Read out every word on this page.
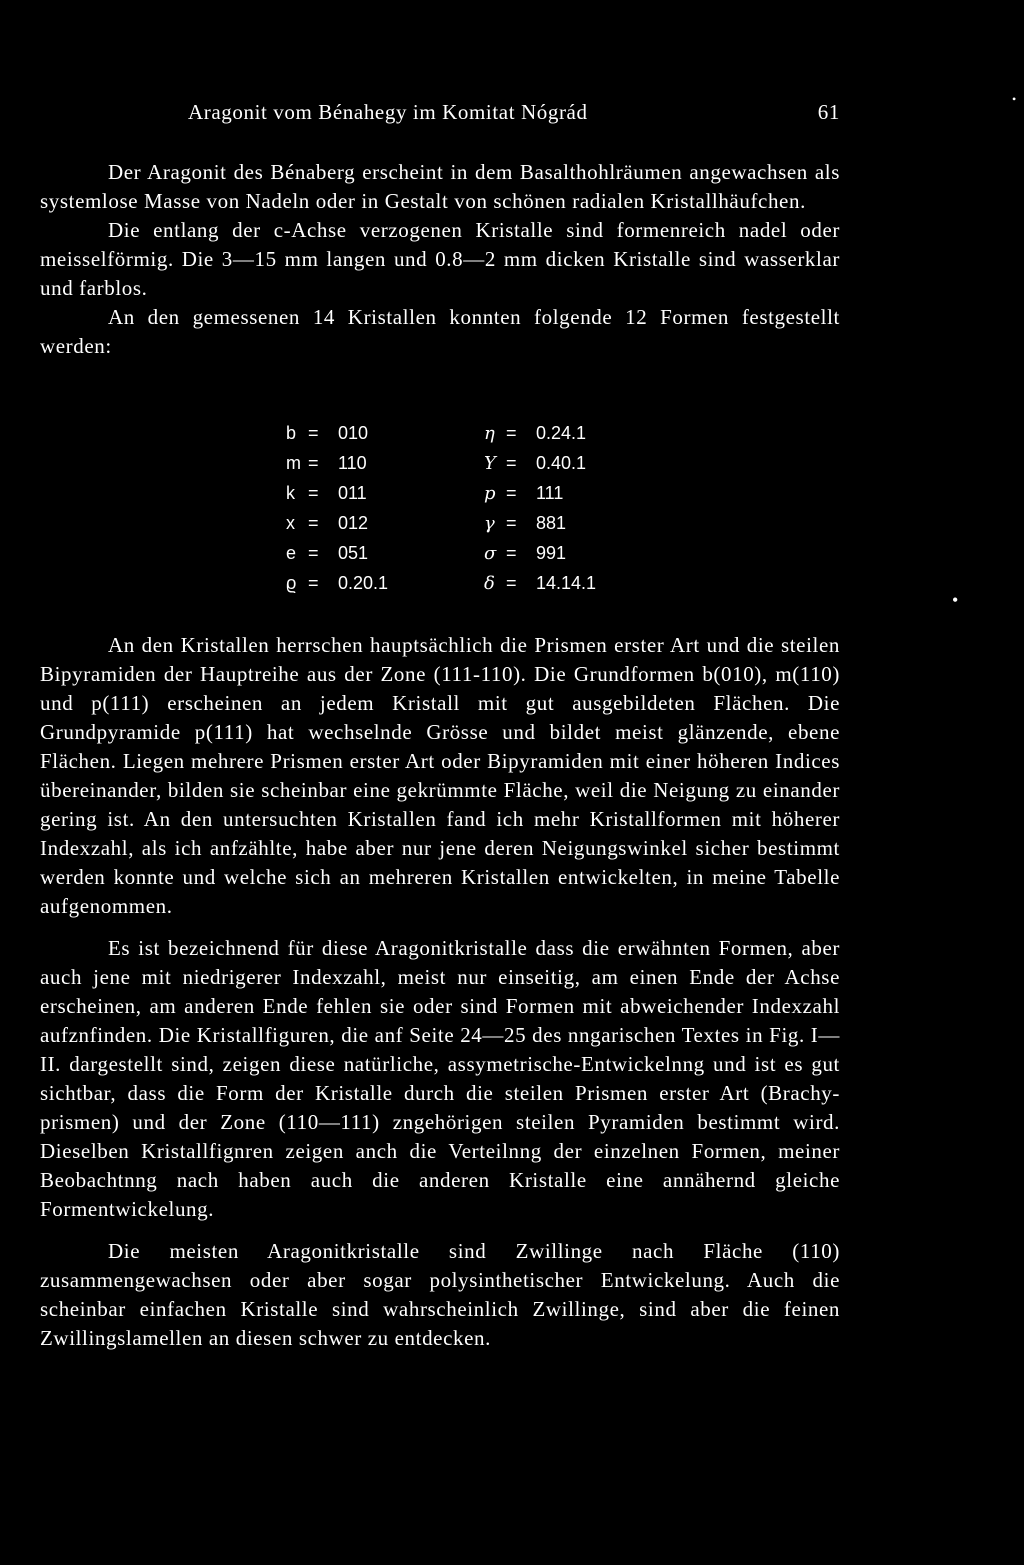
•
Aragonit vom Bénahegy im Komitat Nógrád	61

Der Aragonit des Bénaberg erscheint in dem Basalthohlräumen angewachsen als systemlose Masse von Nadeln oder in Gestalt von schönen radialen Kristallhäufchen.

Die entlang der c-Achse verzogenen Kristalle sind formenreich nadel oder meisselförmig. Die 3—15 mm langen und 0.8—2 mm dicken Kristalle sind wasserklar und farblos.

An den gemessenen 14 Kristallen konnten folgende 12 Formen festgestellt werden:

b = 010
m = 110
k = 011
x = 012
e = 051
ϱ = 0.20.1
η = 0.24.1
Y = 0.40.1
p = 111
γ = 881
σ = 991
δ = 14.14.1
•

An den Kristallen herrschen hauptsächlich die Prismen erster Art und die steilen Bipyramiden der Hauptreihe aus der Zone (111-110). Die Grundformen b(010), m(110) und p(111) erscheinen an jedem Kristall mit gut ausgebildeten Flächen. Die Grundpyramide p(111) hat wechselnde Grösse und bildet meist glänzende, ebene Flächen. Liegen mehrere Prismen erster Art oder Bipyramiden mit einer höheren Indices übereinander, bilden sie scheinbar eine gekrümmte Fläche, weil die Neigung zu einander gering ist. An den untersuchten Kristallen fand ich mehr Kristallformen mit höherer Indexzahl, als ich anfzählte, habe aber nur jene deren Neigungswinkel sicher bestimmt werden konnte und welche sich an mehreren Kristallen entwickelten, in meine Tabelle aufgenommen.

Es ist bezeichnend für diese Aragonitkristalle dass die erwähnten Formen, aber auch jene mit niedrigerer Indexzahl, meist nur einseitig, am einen Ende der Achse erscheinen, am anderen Ende fehlen sie oder sind Formen mit abweichender Indexzahl aufznfinden. Die Kristallfiguren, die anf Seite 24—25 des nngarischen Textes in Fig. I—II. dargestellt sind, zeigen diese natürliche, assymetrische-Entwickelnng und ist es gut sichtbar, dass die Form der Kristalle durch die steilen Prismen erster Art (Brachy-prismen) und der Zone (110—111) zngehörigen steilen Pyramiden bestimmt wird. Dieselben Kristallfignren zeigen anch die Verteilnng der einzelnen Formen, meiner Beobachtnng nach haben auch die anderen Kristalle eine annähernd gleiche Formentwickelung.

Die meisten Aragonitkristalle sind Zwillinge nach Fläche (110) zusammengewachsen oder aber sogar polysinthetischer Entwickelung. Auch die scheinbar einfachen Kristalle sind wahrscheinlich Zwillinge, sind aber die feinen Zwillingslamellen an diesen schwer zu entdecken.
